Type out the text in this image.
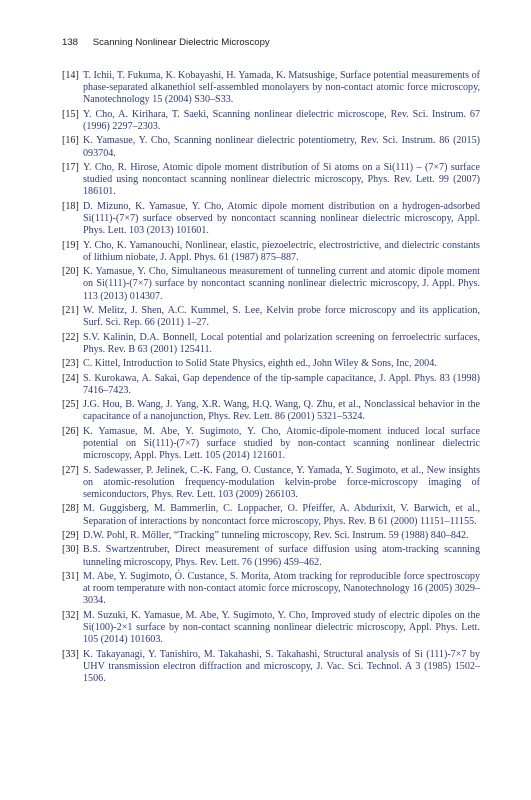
138 Scanning Nonlinear Dielectric Microscopy
[14] T. Ichii, T. Fukuma, K. Kobayashi, H. Yamada, K. Matsushige, Surface potential measurements of phase-separated alkanethiol self-assembled monolayers by non-contact atomic force microscopy, Nanotechnology 15 (2004) S30–S33.
[15] Y. Cho, A. Kirihara, T. Saeki, Scanning nonlinear dielectric microscope, Rev. Sci. Instrum. 67 (1996) 2297–2303.
[16] K. Yamasue, Y. Cho, Scanning nonlinear dielectric potentiometry, Rev. Sci. Instrum. 86 (2015) 093704.
[17] Y. Cho, R. Hirose, Atomic dipole moment distribution of Si atoms on a Si(111) – (7×7) surface studied using noncontact scanning nonlinear dielectric microscopy, Phys. Rev. Lett. 99 (2007) 186101.
[18] D. Mizuno, K. Yamasue, Y. Cho, Atomic dipole moment distribution on a hydrogen-adsorbed Si(111)-(7×7) surface observed by noncontact scanning nonlinear dielectric microscopy, Appl. Phys. Lett. 103 (2013) 101601.
[19] Y. Cho, K. Yamanouchi, Nonlinear, elastic, piezoelectric, electrostrictive, and dielectric constants of lithium niobate, J. Appl. Phys. 61 (1987) 875–887.
[20] K. Yamasue, Y. Cho, Simultaneous measurement of tunneling current and atomic dipole moment on Si(111)-(7×7) surface by noncontact scanning nonlinear dielectric microscopy, J. Appl. Phys. 113 (2013) 014307.
[21] W. Melitz, J. Shen, A.C. Kummel, S. Lee, Kelvin probe force microscopy and its application, Surf. Sci. Rep. 66 (2011) 1–27.
[22] S.V. Kalinin, D.A. Bonnell, Local potential and polarization screening on ferroelectric surfaces, Phys. Rev. B 63 (2001) 125411.
[23] C. Kittel, Introduction to Solid State Physics, eighth ed., John Wiley & Sons, Inc, 2004.
[24] S. Kurokawa, A. Sakai, Gap dependence of the tip-sample capacitance, J. Appl. Phys. 83 (1998) 7416–7423.
[25] J.G. Hou, B. Wang, J. Yang, X.R. Wang, H.Q. Wang, Q. Zhu, et al., Nonclassical behavior in the capacitance of a nanojunction, Phys. Rev. Lett. 86 (2001) 5321–5324.
[26] K. Yamasue, M. Abe, Y. Sugimoto, Y. Cho, Atomic-dipole-moment induced local surface potential on Si(111)-(7×7) surface studied by non-contact scanning nonlinear dielectric microscopy, Appl. Phys. Lett. 105 (2014) 121601.
[27] S. Sadewasser, P. Jelinek, C.-K. Fang, O. Custance, Y. Yamada, Y. Sugimoto, et al., New insights on atomic-resolution frequency-modulation kelvin-probe force-microscopy imaging of semiconductors, Phys. Rev. Lett. 103 (2009) 266103.
[28] M. Guggisberg, M. Bammerlin, C. Loppacher, O. Pfeiffer, A. Abdurixit, V. Barwich, et al., Separation of interactions by noncontact force microscopy, Phys. Rev. B 61 (2000) 11151–11155.
[29] D.W. Pohl, R. Möller, “Tracking” tunneling microscopy, Rev. Sci. Instrum. 59 (1988) 840–842.
[30] B.S. Swartzentruber, Direct measurement of surface diffusion using atom-tracking scanning tunneling microscopy, Phys. Rev. Lett. 76 (1996) 459–462.
[31] M. Abe, Y. Sugimoto, Ó. Custance, S. Morita, Atom tracking for reproducible force spectroscopy at room temperature with non-contact atomic force microscopy, Nanotechnology 16 (2005) 3029–3034.
[32] M. Suzuki, K. Yamasue, M. Abe, Y. Sugimoto, Y. Cho, Improved study of electric dipoles on the Si(100)-2×1 surface by non-contact scanning nonlinear dielectric microscopy, Appl. Phys. Lett. 105 (2014) 101603.
[33] K. Takayanagi, Y. Tanishiro, M. Takahashi, S. Takahashi, Structural analysis of Si (111)-7×7 by UHV transmission electron diffraction and microscopy, J. Vac. Sci. Technol. A 3 (1985) 1502–1506.
